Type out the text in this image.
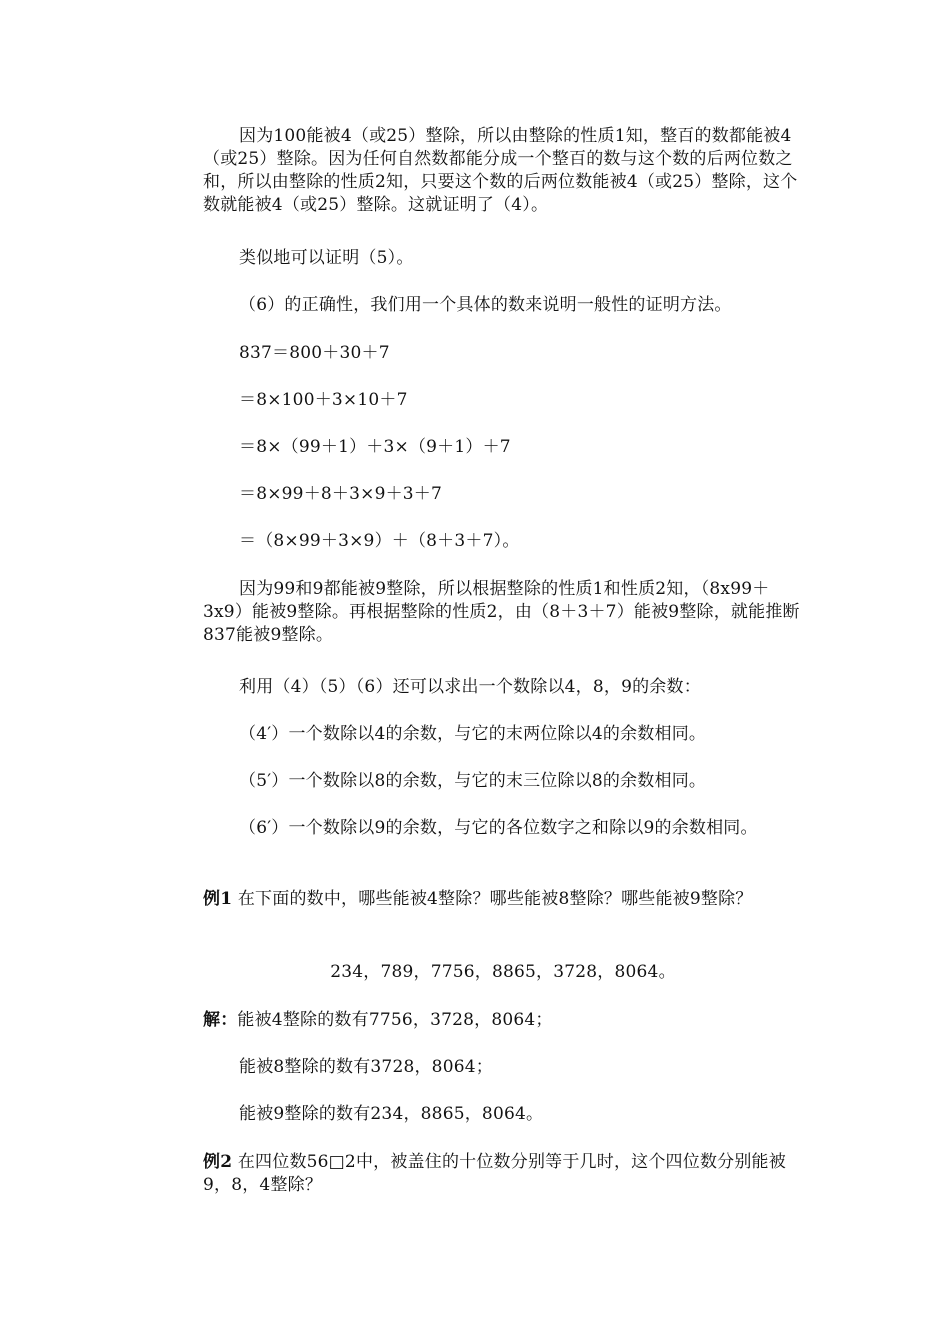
因为100能被4（或25）整除，所以由整除的性质1知，整百的数都能被4（或25）整除。因为任何自然数都能分成一个整百的数与这个数的后两位数之和，所以由整除的性质2知，只要这个数的后两位数能被4（或25）整除，这个数就能被4（或25）整除。这就证明了（4）。

类似地可以证明（5）。

（6）的正确性，我们用一个具体的数来说明一般性的证明方法。

837＝800＋30＋7

＝8×100＋3×10＋7

＝8×（99＋1）＋3×（9＋1）＋7

＝8×99＋8＋3×9＋3＋7

＝（8×99＋3×9）＋（8＋3＋7）。

因为99和9都能被9整除，所以根据整除的性质1和性质2知，（8x99＋3x9）能被9整除。再根据整除的性质2，由（8＋3＋7）能被9整除，就能推断837能被9整除。

利用（4）（5）（6）还可以求出一个数除以4，8，9的余数：

（4′）一个数除以4的余数，与它的末两位除以4的余数相同。

（5′）一个数除以8的余数，与它的末三位除以8的余数相同。

（6′）一个数除以9的余数，与它的各位数字之和除以9的余数相同。

例1 在下面的数中，哪些能被4整除？哪些能被8整除？哪些能被9整除？

234，789，7756，8865，3728，8064。

解：能被4整除的数有7756，3728，8064；

能被8整除的数有3728，8064；

能被9整除的数有234，8865，8064。

例2 在四位数56□2中，被盖住的十位数分别等于几时，这个四位数分别能被9，8，4整除？
